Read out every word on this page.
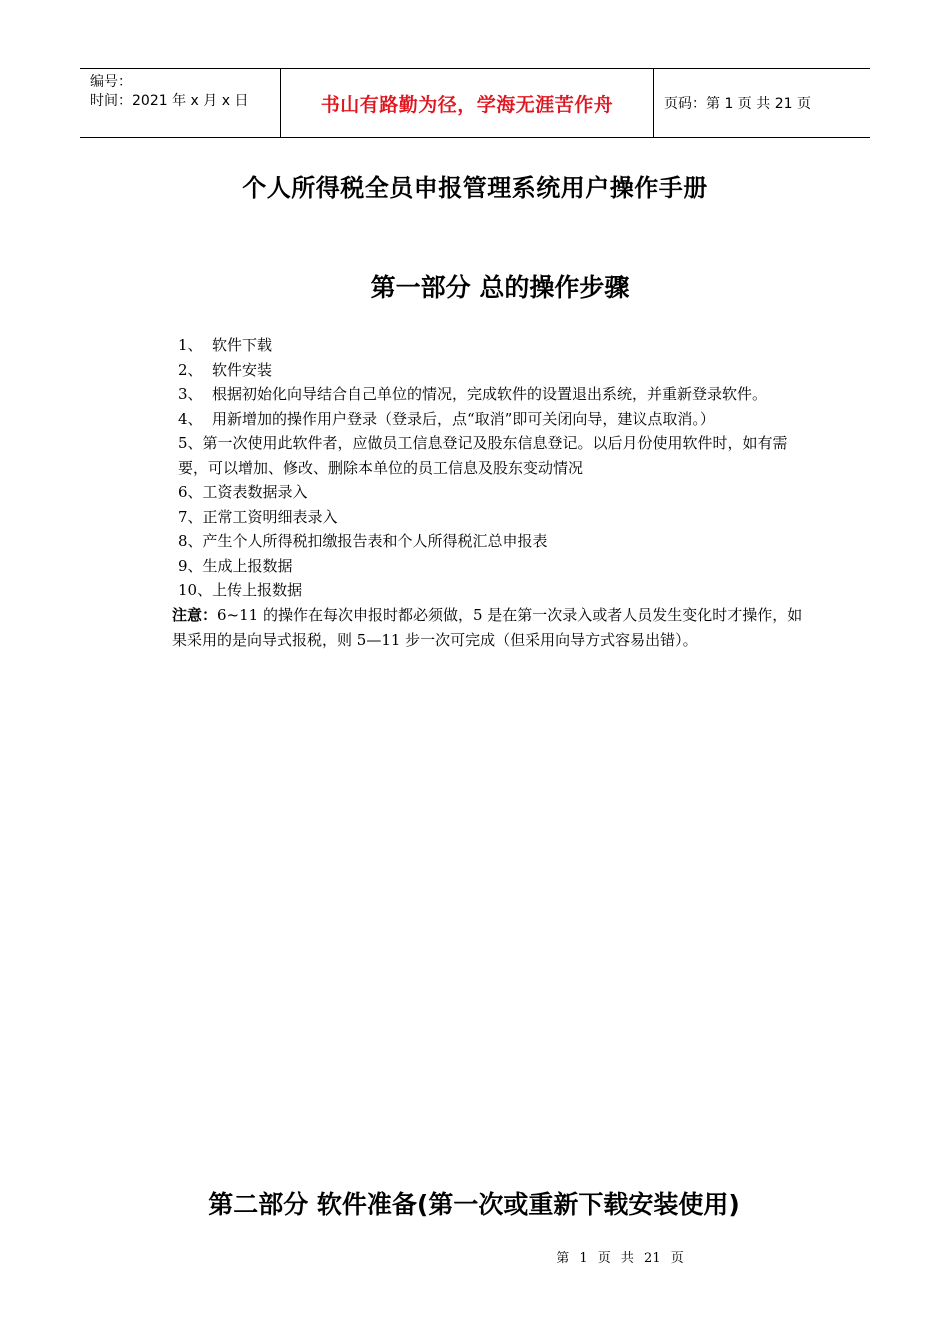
编号：
时间：2021 年 x 月 x 日	书山有路勤为径，学海无涯苦作舟	页码：第 1 页 共 21 页
个人所得税全员申报管理系统用户操作手册
第一部分 总的操作步骤
1、 软件下载
2、 软件安装
3、 根据初始化向导结合自己单位的情况，完成软件的设置退出系统，并重新登录软件。
4、 用新增加的操作用户登录（登录后，点“取消”即可关闭向导，建议点取消。）
5、第一次使用此软件者，应做员工信息登记及股东信息登记。以后月份使用软件时，如有需要，可以增加、修改、删除本单位的员工信息及股东变动情况
6、 工资表数据录入
7、 正常工资明细表录入
8、 产生个人所得税扣缴报告表和个人所得税汇总申报表
9、 生成上报数据
10、 上传上报数据
注意：6~11 的操作在每次申报时都必须做，5 是在第一次录入或者人员发生变化时才操作，如果采用的是向导式报税，则 5—11 步一次可完成（但采用向导方式容易出错）。
第二部分 软件准备(第一次或重新下载安装使用)
第 1 页 共 21 页
